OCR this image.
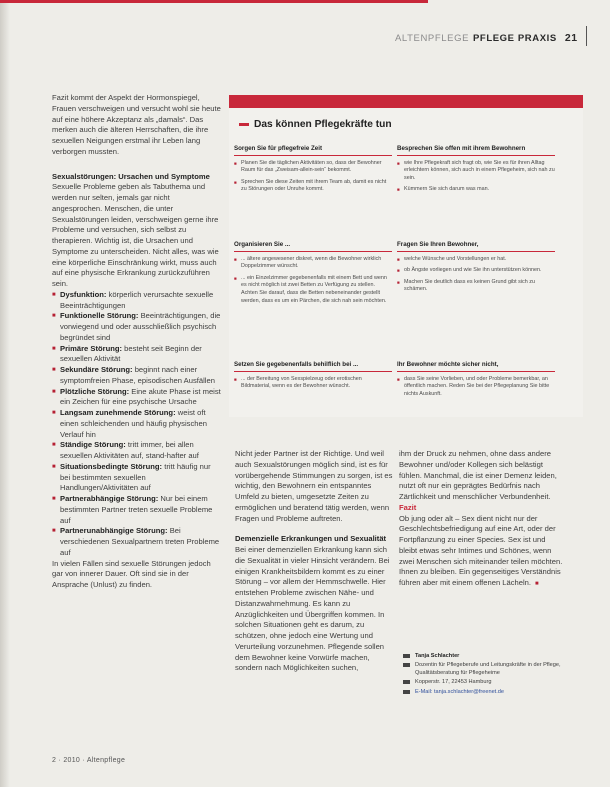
ALTENPFLEGE PFLEGE PRAXIS 21

Fazit kommt der Aspekt der Hormonspiegel, Frauen verschweigen und versucht wohl sie heute auf eine höhere Akzeptanz als „damals“. Das merken auch die älteren Herrschaften, die ihre sexuellen Neigungen erstmal ihr Leben lang verborgen mussten.

Sexualstörungen: Ursachen und Symptome

Sexuelle Probleme geben als Tabuthema und werden nur selten, jemals gar nicht angesprochen. Menschen, die unter Sexualstörungen leiden, verschweigen gerne ihre Probleme und versuchen, sich selbst zu therapieren. Wichtig ist, die Ursachen und Symptome zu unterscheiden. Nicht alles, was wie eine körperliche Einschränkung wirkt, muss auch auf eine physische Erkrankung zurückzuführen sein.

■ Dysfunktion: körperlich verursachte sexuelle Beeinträchtigungen
■ Funktionelle Störung: Beeinträchtigungen, die vorwiegend und oder ausschließlich psychisch begründet sind
■ Primäre Störung: besteht seit Beginn der sexuellen Aktivität
■ Sekundäre Störung: beginnt nach einer symptomfreien Phase, episodischen Ausfällen
■ Plötzliche Störung: Eine akute Phase ist meist ein Zeichen für eine psychische Ursache
■ Langsam zunehmende Störung: weist oft einen schleichenden und häufig physischen Verlauf hin
■ Ständige Störung: tritt immer, bei allen sexuellen Aktivitäten auf, stand-hafter auf
■ Situationsbedingte Störung: tritt häufig nur bei bestimmten sexuellen Handlungen/Aktivitäten auf
■ Partnerabhängige Störung: Nur bei einem bestimmten Partner treten sexuelle Probleme auf
■ Partnerunabhängige Störung: Bei verschiedenen Sexualpartnern treten Probleme auf

In vielen Fällen sind sexuelle Störungen jedoch gar von innerer Dauer. Oft sind sie in der Ansprache (Unlust) zu finden.

Das können Pflegekräfte tun
Sorgen Sie für pflegefreie Zeit
■ Planen Sie die täglichen Aktivitäten so, dass der Bewohner Raum für das „Zweisam-allein-sein“ bekommt.
■ Sprechen Sie diese Zeiten mit ihrem Team ab, damit es nicht zu Störungen oder Unruhe kommt.
Besprechen Sie offen mit ihrem Bewohnern
■ wie Ihre Pflegekraft sich fragt ob, wie Sie es für ihren Alltag erleichtern können, sich auch in einem Pflegeheim, sich nah zu sein.
■ Kümmern Sie sich darum was man.
Organisieren Sie ...
■ ... ältere angewesener diskret, wenn die Bewohner wirklich Doppelzimmer wünscht.
■ ... ein Einzelzimmer gegebenenfalls mit einem Bett und wenn es nicht möglich ist zwei Betten zu Verfügung zu stellen. Achten Sie darauf, dass die Betten nebeneinander gestellt werden, dass es um ein Pärchen, die sich nah sein möchten.
Fragen Sie Ihren Bewohner,
■ welche Wünsche und Vorstellungen er hat.
■ ob Ängste vorliegen und wie Sie ihn unterstützen können.
■ Machen Sie deutlich dass es keinen Grund gibt sich zu schämen.
Setzen Sie gegebenenfalls behilflich bei ...
■ ... der Bereitung von Sexspielzeug oder erotischen Bildmaterial, wenn es der Bewohner wünscht.
Ihr Bewohner möchte sicher nicht,
■ dass Sie seine Vorlieben, und oder Probleme bemerkbar, an öffentlich machen. Reden Sie bei der Pflegeplanung Sie bitte nichts Auskunft.

Nicht jeder Partner ist der Richtige. Und weil auch Sexualstörungen möglich sind, ist es für vorübergehende Stimmungen zu sorgen, ist es wichtig, den Bewohnern ein entspanntes Umfeld zu bieten, umgesetzte Zeiten zu ermöglichen und beratend tätig werden, wenn Fragen und Probleme auftreten.

Demenzielle Erkrankungen und Sexualität

Bei einer demenziellen Erkrankung kann sich die Sexualität in vieler Hinsicht verändern. Bei einigen Krankheitsbildern kommt es zu einer Störung – vor allem der Hemmschwelle. Hier entstehen Probleme zwischen Nähe- und Distanzwahrnehmung. Es kann zu Anzüglichkeiten und Übergriffen kommen. In solchen Situationen geht es darum, zu schützen, ohne jedoch eine Wertung und Verurteilung vorzunehmen. Pflegende sollen dem Bewohner keine Vorwürfe machen, sondern nach Möglichkeiten suchen,

ihm der Druck zu nehmen, ohne dass andere Bewohner und/oder Kollegen sich belästigt fühlen. Manchmal, die ist einer Demenz leiden, nutzt oft nur ein geprägtes Bedürfnis nach Zärtlichkeit und menschlicher Verbundenheit.

Fazit

Ob jung oder alt – Sex dient nicht nur der Geschlechtsbefriedigung auf eine Art, oder der Fortpflanzung zu einer Species. Sex ist und bleibt etwas sehr Intimes und Schönes, wenn zwei Menschen sich miteinander teilen möchten. Ihnen zu bleiben. Ein gegenseitiges Verständnis führen aber mit einem offenen Lächeln. ■

Tanja Schlachter
Dozentin für Pflegeberufe und Leitungskräfte in der Pflege, Qualitätsberatung für Pflegeheime
Kopperstr. 17, 22453 Hamburg
E-Mail: tanja.schlachter@freenet.de
2 · 2010 · Altenpflege
